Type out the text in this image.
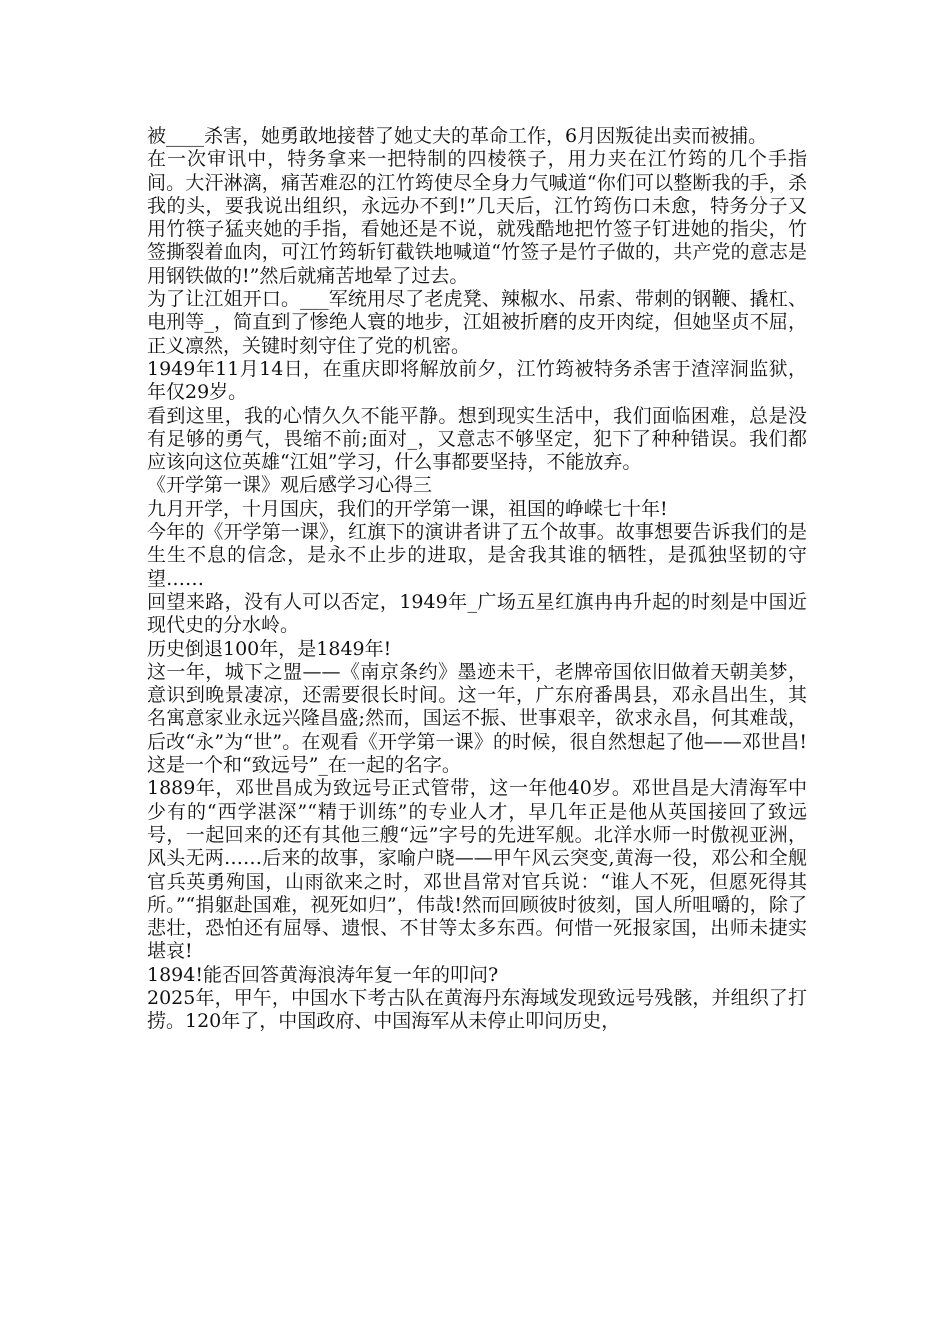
被____杀害，她勇敢地接替了她丈夫的革命工作，6月因叛徒出卖而被捕。

在一次审讯中，特务拿来一把特制的四棱筷子，用力夹在江竹筠的几个手指间。大汗淋漓，痛苦难忍的江竹筠使尽全身力气喊道“你们可以整断我的手，杀我的头，要我说出组织，永远办不到!”几天后，江竹筠伤口未愈，特务分子又用竹筷子猛夹她的手指，看她还是不说，就残酷地把竹签子钉进她的指尖，竹签撕裂着血肉，可江竹筠斩钉截铁地喊道“竹签子是竹子做的，共产党的意志是用钢铁做的!”然后就痛苦地晕了过去。

为了让江姐开口。___军统用尽了老虎凳、辣椒水、吊索、带刺的钢鞭、撬杠、电刑等_，简直到了惨绝人寰的地步，江姐被折磨的皮开肉绽，但她坚贞不屈，正义凛然，关键时刻守住了党的机密。

1949年11月14日，在重庆即将解放前夕，江竹筠被特务杀害于渣滓洞监狱，年仅29岁。

看到这里，我的心情久久不能平静。想到现实生活中，我们面临困难，总是没有足够的勇气，畏缩不前;面对_，又意志不够坚定，犯下了种种错误。我们都应该向这位英雄“江姐”学习，什么事都要坚持，不能放弃。

《开学第一课》观后感学习心得三

九月开学，十月国庆，我们的开学第一课，祖国的峥嵘七十年!

今年的《开学第一课》，红旗下的演讲者讲了五个故事。故事想要告诉我们的是生生不息的信念，是永不止步的进取，是舍我其谁的牺牲，是孤独坚韧的守望……

回望来路，没有人可以否定，1949年_广场五星红旗冉冉升起的时刻是中国近现代史的分水岭。

历史倒退100年，是1849年!

这一年，城下之盟——《南京条约》墨迹未干，老牌帝国依旧做着天朝美梦，意识到晚景凄凉，还需要很长时间。这一年，广东府番禺县，邓永昌出生，其名寓意家业永远兴隆昌盛;然而，国运不振、世事艰辛，欲求永昌，何其难哉，后改“永”为“世”。在观看《开学第一课》的时候，很自然想起了他——邓世昌!这是一个和“致远号”_在一起的名字。

1889年，邓世昌成为致远号正式管带，这一年他40岁。邓世昌是大清海军中少有的“西学湛深”“精于训练”的专业人才，早几年正是他从英国接回了致远号，一起回来的还有其他三艘“远”字号的先进军舰。北洋水师一时傲视亚洲，风头无两……后来的故事，家喻户晓——甲午风云突变,黄海一役，邓公和全舰官兵英勇殉国，山雨欲来之时，邓世昌常对官兵说：“谁人不死，但愿死得其所。”“捐躯赴国难，视死如归”，伟哉!然而回顾彼时彼刻，国人所咀嚼的，除了悲壮，恐怕还有屈辱、遗恨、不甘等太多东西。何惜一死报家国，出师未捷实堪哀!

1894!能否回答黄海浪涛年复一年的叩问?

2025年，甲午，中国水下考古队在黄海丹东海域发现致远号残骸，并组织了打捞。120年了，中国政府、中国海军从未停止叩问历史，
